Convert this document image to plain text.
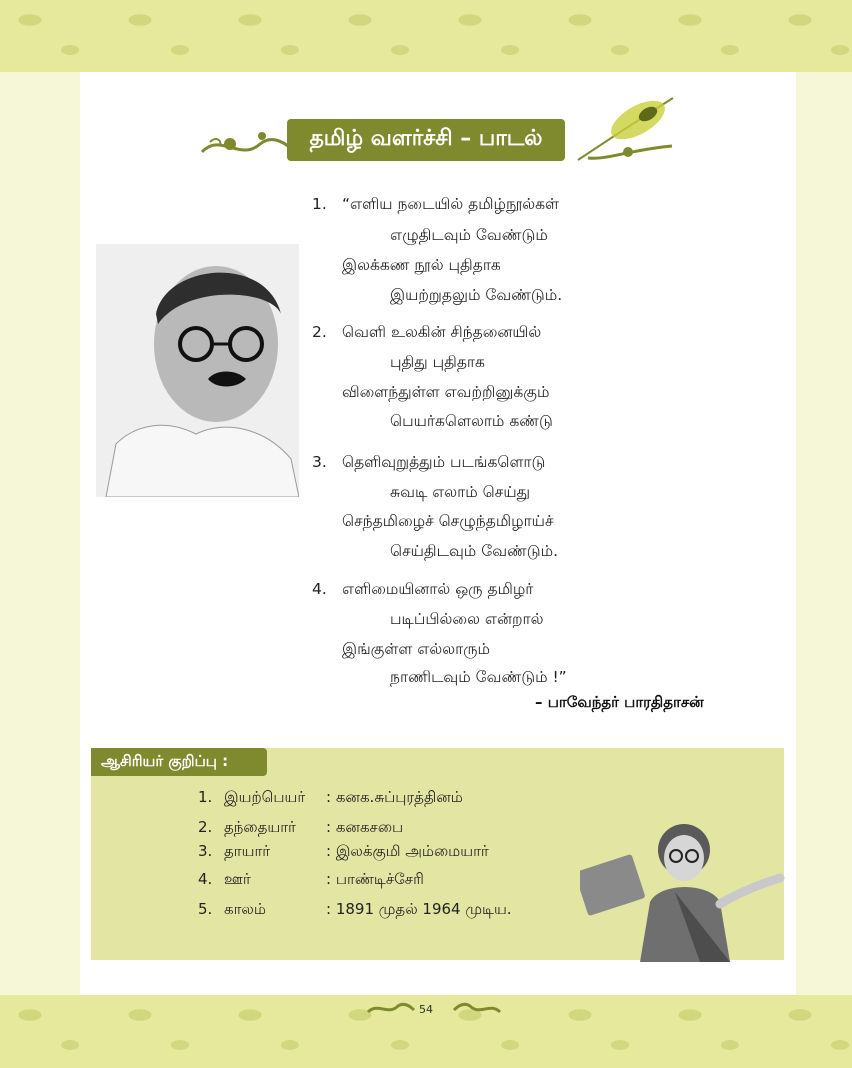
தமிழ் வளர்ச்சி – பாடல்
1. “எளிய நடையில் தமிழ்நூல்கள்
எழுதிடவும் வேண்டும்
இலக்கண நூல் புதிதாக
இயற்றுதலும் வேண்டும்.
2. வெளி உலகின் சிந்தனையில்
புதிது புதிதாக
விளைந்துள்ள எவற்றினுக்கும்
பெயர்களெலாம் கண்டு
3. தெளிவுறுத்தும் படங்களொடு
சுவடி எலாம் செய்து
செந்தமிழைச் செழுந்தமிழாய்ச்
செய்திடவும் வேண்டும்.
4. எளிமையினால் ஒரு தமிழர்
படிப்பில்லை என்றால்
இங்குள்ள எல்லாரும்
நாணிடவும் வேண்டும் !”
– பாவேந்தர் பாரதிதாசன்
ஆசிரியர் குறிப்பு :
1. இயற்பெயர் : கனக.சுப்புரத்தினம்
2. தந்தையார் : கனகசபை
3. தாயார்	: இலக்குமி அம்மையார்
4. ஊர்	: பாண்டிச்சேரி
5. காலம்	: 1891 முதல் 1964 முடிய.
54
